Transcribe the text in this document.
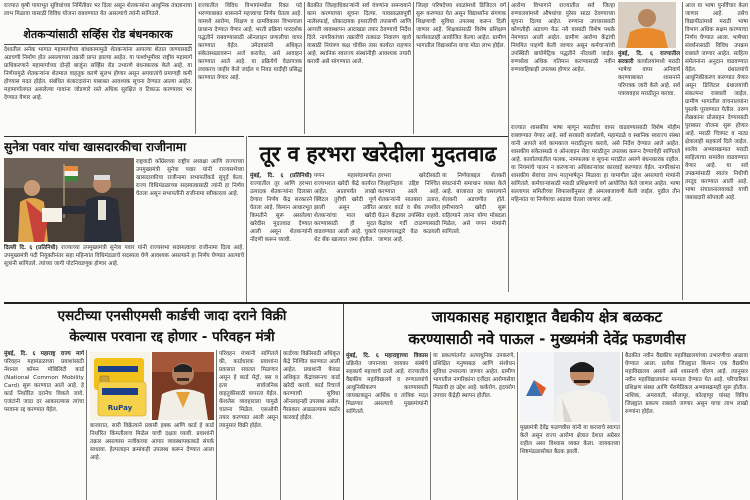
राज्यात कृषी पायाभूत सुविधांच्या निर्मितीवर भर दिला असून शेतकऱ्यांना आधुनिक तंत्रज्ञानाचा लाभ मिळावा यासाठी विविध योजना राबवण्यात येत असल्याचे त्यांनी सांगितले.
शेतकऱ्यांसाठी सर्व्हिस रोड बंधनकारक
देशातील अनेक भागात महामार्गांच्या बांधकामामुळे शेतकऱ्यांना आपल्या शेतात जाण्यासाठी अडचणी निर्माण होत असल्याच्या तक्रारी प्राप्त झाल्या आहेत. या पार्श्वभूमीवर राष्ट्रीय महामार्ग प्राधिकरणाने महामार्गाच्या दोन्ही बाजूंना सर्व्हिस रोड उभारणे बंधनकारक केले आहे. या निर्णयामुळे शेतकऱ्यांना शेतमाल वाहतूक करणे सुलभ होणार असून अपघातांचे प्रमाणही कमी होण्यास मदत होईल. संबंधित कंत्राटदारांना याबाबत आवश्यक सूचना देण्यात आल्या आहेत. महामार्गालगत असलेल्या गावांना जोडणारे रस्ते अधिक सुरक्षित व टिकाऊ करण्यावर भर देण्यात येणार आहे.
सुनेत्रा पवार यांचा खासदारकीचा राजीनामा
राष्ट्रवादी काँग्रेसच्या राष्ट्रीय अध्यक्षा आणि राज्याच्या उपमुख्यमंत्री सुनेत्रा पवार यांनी राज्यसभेच्या खासदारकीचा राजीनामा सभापतींकडे सुपूर्द केला. राज्य विधिमंडळाच्या सदस्यत्वासाठी त्यांनी हा निर्णय घेतला असून सभापतींनी राजीनामा स्वीकारला आहे.
दिल्ली दि. ६ (प्रतिनिधी) राज्याच्या उपमुख्यमंत्री सुनेत्रा पवार यांनी राज्यसभा सदस्यत्वाचा राजीनामा दिला आहे. उपमुख्यमंत्री पदी नियुक्तीनंतर सहा महिन्यांत विधिमंडळाचे सदस्यत्व घेणे आवश्यक असल्याने हा निर्णय घेण्यात आल्याचे सूत्रांनी सांगितले. त्यांच्या जागी पोटनिवडणूक होणार आहे.
राज्यातील विविध विभागांमधील रिक्त पदे भरण्याबाबत शासनाने महत्त्वाचा निर्णय घेतला आहे. यामध्ये आरोग्य, शिक्षण व ग्रामविकास विभागाला प्राधान्य देण्यात येणार आहे. भरती प्रक्रिया पारदर्शक पद्धतीने राबवण्यासाठी ऑनलाइन प्रणालीचा वापर करण्यात येईल. उमेदवारांनी अधिकृत संकेतस्थळावरून अर्ज करावेत, असे आवाहन करण्यात आले आहे. या प्रक्रियेचे वेळापत्रक लवकरच जाहीर केले जाईल व निवड यादीही प्रसिद्ध करण्यात येणार आहे.
बैठकीत जिल्हाधिकाऱ्यांनी सर्व यंत्रणांना समन्वयाने काम करण्याच्या सूचना दिल्या. पावसाळ्यापूर्वी नालेसफाई, धोकादायक इमारतींची तपासणी आणि आपत्ती व्यवस्थापन आराखडा तयार ठेवण्याचे निर्देश दिले. नागरिकांच्या तक्रारींचे तत्काळ निवारण व्हावे यासाठी नियंत्रण कक्ष चोवीस तास कार्यरत राहणार आहे. स्थानिक स्वराज्य संस्थांनीही आवश्यक तयारी करावी असे सांगण्यात आले.
जिल्हा परिषदेच्या शाळांमध्ये डिजिटल वर्ग सुरू करण्यात येत असून विद्यार्थ्यांना संगणक शिक्षणाची सुविधा उपलब्ध करून दिली जाणार आहे. शिक्षकांसाठी विशेष प्रशिक्षण कार्यशाळाही आयोजित केल्या आहेत. ग्रामीण भागातील विद्यार्थ्यांना याचा मोठा लाभ होईल.
तूर व हरभरा खरेदीला मुदतवाढ
मुंबई, दि. ६ (प्रतिनिधी) राज्यातील तूर आणि हरभरा उत्पादक शेतकऱ्यांना दिलासा देणारा निर्णय केंद्र सरकारने घेतला आहे. किमान आधारभूत किमतीने सुरू असलेल्या खरेदीस मुदतवाढ देण्यात आली असून शेतकऱ्यांनी नोंदणी करून घ्यावी.
पणन महासंघामार्फत राज्यभरात खरेदी केंद्रे कार्यरत आहेत. आतापर्यंत लाखो क्विंटल तुरीची खरेदी पूर्ण झाली असून उर्वरित शेतकऱ्यांचा माल खरेदी करण्यासाठी ही मुदत वाढवण्यात आली आहे. चुकारे थेट बँक खात्यात जमा होतील.
हरभरा खरेदीसाठी जिल्हानिहाय उद्दिष्ट निश्चित करण्यात आले आहे. शेतकऱ्यांनी सातबारा उतारा, आधार कार्ड व बँक तपशील घेऊन केंद्रावर उपस्थित राहावे. केंद्रांवर गर्दी टाळण्यासाठी एसएमएसद्वारे वेळ कळवली जाणार आहे.
या निर्णयाबद्दल शेतकरी संघटनांनी समाधान व्यक्त केले आहे. बाजारात दर घसरल्याने शेतकरी अडचणीत होते. हमीभावाने खरेदी सुरू राहिल्याने त्यांना योग्य मोबदला मिळेल, असे पणन मंत्र्यांनी सांगितले.
आरोग्य विभागाने राज्यातील सर्व जिल्हा रुग्णालयांमध्ये औषधांचा पुरेसा साठा ठेवण्याच्या सूचना दिल्या आहेत. रुग्णांना उपचारासाठी कोणतीही अडचण येऊ नये यासाठी विशेष पथके नेमण्यात आली आहेत. ग्रामीण आरोग्य केंद्रांची नियमित पाहणी केली जाणार असून कर्मचाऱ्यांची उपस्थिती बायोमेट्रिक पद्धतीने नोंदवली जाईल. रुग्णसेवा अधिक गतिमान करण्यासाठी नवीन रुग्णवाहिकाही उपलब्ध होणार आहेत.
मुंबई, दि. ६ राज्यातील सरकारी कार्यालयांमध्ये मराठी भाषेचा वापर अनिवार्य करण्याबाबत शासनाने परिपत्रक जारी केले आहे. सर्व पत्रव्यवहार मराठीतून करावा.
आज या भाषा पुनर्विचार केला जाणार आहे. तसेच विद्यापीठांमध्ये मराठी भाषा विभाग अधिक सक्षम करण्याचा निर्णय घेण्यात आला. भाषेच्या संवर्धनासाठी विविध उपक्रम राबवले जाणार आहेत. साहित्य संमेलनांना अनुदान वाढवण्यात येईल. ग्रंथालयांचे आधुनिकीकरण करण्यात येणार असून डिजिटल ग्रंथालयांची संकल्पना राबवली जाईल. ग्रामीण भागातील वाचनालयांना पुस्तके पुरवण्यात येतील. तरुण लेखकांना प्रोत्साहन देण्यासाठी पुरस्कार योजना सुरू होणार आहे. मराठी चित्रपट व नाट्य क्षेत्रालाही सहकार्य दिले जाईल. शालेय अभ्यासक्रमात मराठी साहित्याचा समावेश वाढवण्यात येणार आहे. या सर्व उपक्रमांसाठी स्वतंत्र निधीची तरतूद करण्यात आली आहे. भाषा संचालनालयाकडे याची जबाबदारी सोपवली आहे.
राज्यात शासकीय भाषा म्हणून मराठीचा वापर वाढवण्यासाठी विशेष मोहीम राबवण्यात येणार आहे. सर्व सरकारी कार्यालये, महामंडळे व स्थानिक स्वराज्य संस्था यांनी आपले सर्व कामकाज मराठीतूनच करावे, असे निर्देश देण्यात आले आहेत. शासकीय संकेतस्थळे व ऑनलाइन सेवा मराठीतून उपलब्ध करून देण्याचेही सांगितले आहे. कार्यालयांतील फलक, नामफलक व सूचना मराठीत असणे बंधनकारक राहील. या नियमांचे पालन न करणाऱ्या अधिकाऱ्यांवर कारवाई करण्यात येईल. नागरिकांना शासकीय सेवांचा लाभ मातृभाषेतून मिळावा हा यामागील उद्देश असल्याचे मंत्र्यांनी सांगितले. कर्मचाऱ्यांसाठी मराठी प्रशिक्षणाचे वर्ग आयोजित केले जाणार आहेत. भाषा सल्लागार समितीच्या शिफारशींनुसार ही अंमलबजावणी केली जाईल. पुढील तीन महिन्यांत या निर्णयाचा आढावा घेतला जाणार आहे.
एसटीच्या एनसीएमसी कार्डची जादा दराने विक्री
केल्यास परवाना रद्द होणार - परिवहन मंत्री
मुंबई, दि. ६ महाराष्ट्र राज्य मार्ग परिवहन महामंडळाच्या प्रवाशांसाठी नॅशनल कॉमन मोबिलिटी कार्ड (National Common Mobility Card) सुरू करण्यात आले आहे. हे कार्ड निर्धारित दरानेच विकले जावे. एजंटांनी जादा दर आकारल्यास त्यांचा परवाना रद्द करण्यात येईल.	RuPay
बाजारात, सारी विक्रेत्याने प्रवासी हक्क आणि कार्ड हे कार्ड निर्धारित किंमतीलाच मिळेल याची दक्षता घ्यावी. प्रवाशांनी तक्रार असल्यास नजीकच्या आगार व्यवस्थापकाकडे संपर्क साधावा. हेल्पलाइन क्रमांकही उपलब्ध करून देण्यात आला आहे.
परिवहन मंत्र्यांनी सांगितले की, कार्डधारक प्रवाशांना प्रवासात सवलत मिळणार असून हे कार्ड मेट्रो, बस व इतर सार्वजनिक वाहतुकीसाठी वापरता येईल. कॅशलेस व्यवहाराला यामुळे चालना मिळेल. एसओपी तयार करण्यात आली असून त्यानुसार विक्री होईल.
कार्डच्या विक्रीसाठी अधिकृत केंद्रे निश्चित करण्यात आली आहेत. प्रवाशांनी केवळ अधिकृत केंद्रांवरूनच कार्ड खरेदी करावे. कार्ड रिचार्ज करण्याची सुविधा ऑनलाइनही उपलब्ध असेल. गैरप्रकार आढळल्यास कठोर कारवाई होईल.
जायकासह महाराष्ट्रात वैद्यकीय क्षेत्र बळकट
करण्यासाठी नवे पाऊल - मुख्यमंत्री देवेंद्र फडणवीस
मुंबई, दि. ६ महाराष्ट्राच्या विकास प्रक्रियेत जपानच्या जायका संस्थेचे सहकार्य महत्त्वाचे ठरले आहे. राज्यातील वैद्यकीय महाविद्यालये व रुग्णालयांचे आधुनिकीकरण करण्यासाठी जायकाकडून आर्थिक व तांत्रिक मदत मिळणार असल्याचे मुख्यमंत्र्यांनी सांगितले.
या प्रकल्पांतर्गत अत्याधुनिक उपकरणे, प्रशिक्षित मनुष्यबळ आणि संशोधन सुविधा उभारल्या जाणार आहेत. ग्रामीण भागातील नागरिकांना दर्जेदार आरोग्यसेवा मिळावी हा उद्देश आहे. कर्करोग, हृदयरोग उपचार केंद्रेही स्थापन होतील.
मुख्यमंत्री देवेंद्र फडणवीस यांनी या कराराचे स्वागत केले असून राज्य आरोग्य क्षेत्रात देशात अग्रेसर राहील असा विश्वास व्यक्त केला. जायकाच्या शिष्टमंडळासोबत बैठक झाली.
बैठकीत नवीन वैद्यकीय महाविद्यालयांच्या उभारणीचा आढावा घेण्यात आला. प्रत्येक जिल्ह्यात किमान एक वैद्यकीय महाविद्यालय असावे असे शासनाचे धोरण आहे. त्यानुसार नवीन महाविद्यालयांना मान्यता देण्यात येत आहे. परिचारिका प्रशिक्षण संस्था आणि पॅरामेडिकल अभ्यासक्रमही सुरू होतील. नाशिक, अमरावती, सोलापूर, कोल्हापूर यांसह विविध जिल्ह्यांत प्रकल्प राबवले जाणार असून याचा लाभ लाखो रुग्णांना होईल.
